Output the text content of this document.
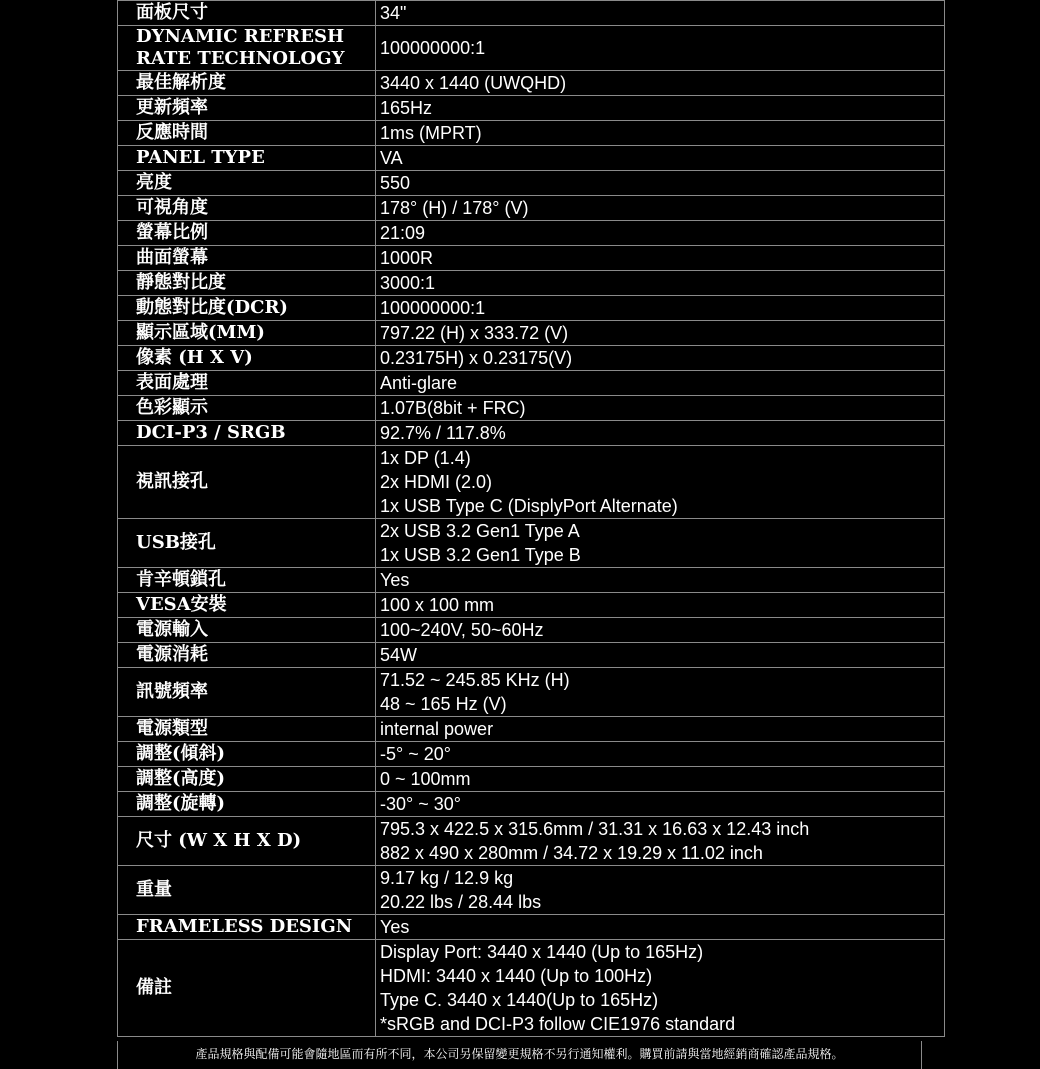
面板尺寸	34"

DYNAMIC REFRESH RATE TECHNOLOGY	100000000:1

最佳解析度	3440 x 1440 (UWQHD)

更新頻率	165Hz

反應時間	1ms (MPRT)

PANEL TYPE	VA

亮度	550

可視角度	178° (H) / 178° (V)

螢幕比例	21:09

曲面螢幕	1000R

靜態對比度	3000:1

動態對比度(DCR)	100000000:1

顯示區域(MM)	797.22 (H) x 333.72 (V)

像素 (H X V)	0.23175H) x 0.23175(V)

表面處理	Anti-glare

色彩顯示	1.07B(8bit + FRC)

DCI-P3 / SRGB	92.7% / 117.8%

視訊接孔	1x DP (1.4)
2x HDMI (2.0)
1x USB Type C (DisplyPort Alternate)

USB接孔	2x USB 3.2 Gen1 Type A
1x USB 3.2 Gen1 Type B

肯辛頓鎖孔	Yes

VESA安裝	100 x 100 mm

電源輸入	100~240V, 50~60Hz

電源消耗	54W

訊號頻率	71.52 ~ 245.85 KHz (H)
48 ~ 165 Hz (V)

電源類型	internal power

調整(傾斜)	-5° ~ 20°

調整(高度)	0 ~ 100mm

調整(旋轉)	-30° ~ 30°

尺寸 (W X H X D)	795.3 x 422.5 x 315.6mm / 31.31 x 16.63 x 12.43 inch
882 x 490 x 280mm / 34.72 x 19.29 x 11.02 inch

重量	9.17 kg / 12.9 kg
20.22 lbs / 28.44 lbs

FRAMELESS DESIGN	Yes

備註	Display Port: 3440 x 1440 (Up to 165Hz)
HDMI: 3440 x 1440 (Up to 100Hz)
Type C. 3440 x 1440(Up to 165Hz)
*sRGB and DCI-P3 follow CIE1976 standard
產品規格與配備可能會隨地區而有所不同，本公司另保留變更規格不另行通知權利。購買前請與當地經銷商確認產品規格。
